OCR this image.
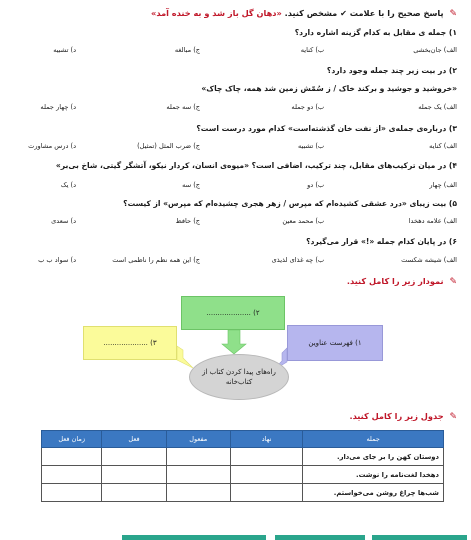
✎ پاسخ صحیح را با علامت ✔ مشخص کنید. «دهان گل باز شد و به خنده آمد»
۱) جمله ی مقابل به کدام گزینه اشاره دارد؟
الف) جان‌بخشی
ب) کنایه
ج) مبالغه
د) تشبیه
۲) در بیت زیر چند جمله وجود دارد؟
«خروشید و جوشید و برکند خاک / ز سُمّش زمین شد همه، چاک چاک»
الف) یک جمله
ب) دو جمله
ج) سه جمله
د) چهار جمله
۳) درباره‌ی جمله‌ی «از نفت خان گذشته‌است» کدام مورد درست است؟
الف) کنایه
ب) تشبیه
ج) ضرب المثل (تمثیل)
د) درس مشاورت
۴) در میان ترکیب‌های مقابل، چند ترکیب، اضافی است؟ «میوه‌ی انسان، کردار نیکو، آتشگر گیتی، شاخ بی‌بر»
الف) چهار
ب) دو
ج) سه
د) یک
۵) بیت زیبای «درد عشقی کشیده‌ام که مپرس / زهر هجری چشیده‌ام که مپرس» از کیست؟
الف) علامه دهخدا
ب) محمد معین
ج) حافظ
د) سعدی
۶) در پایان کدام جمله «!» قرار می‌گیرد؟
الف) شیشه شکست
ب) چه غذای لذیذی
ج) این همه نظم را ناظمی است
د) سواد ب ب
✎ نمودار زیر را کامل کنید.
۲) ....................
۳) ....................	۱) فهرست عناوین
راه‌های پیدا کردن کتاب از کتاب‌خانه
✎ جدول زیر را کامل کنید.
جمله	نهاد	مفعول	فعل	زمان فعل
دوستان کهن را بر جای می‌دار.				
دهخدا لغت‌نامه را نوشت.				
شب‌ها چراغ روشن می‌خواستم.				
